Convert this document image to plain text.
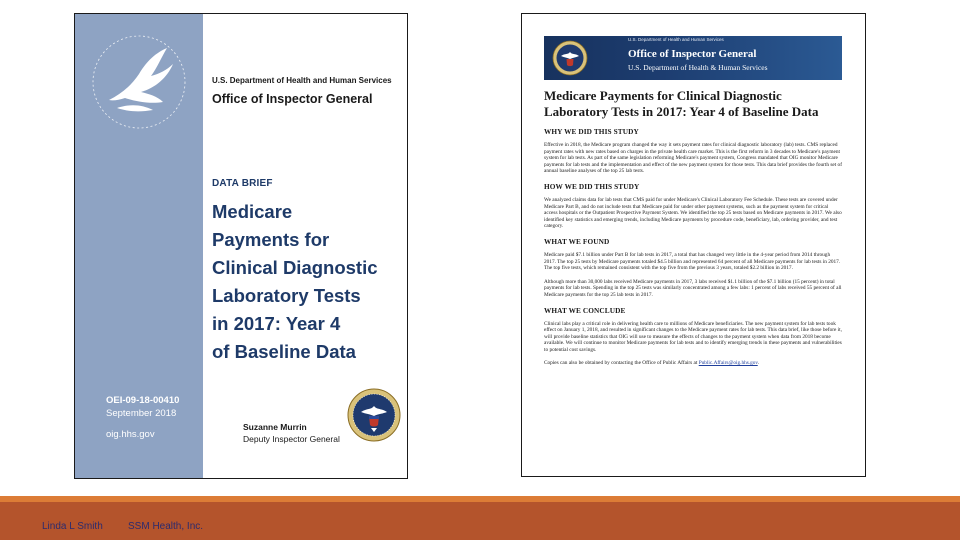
OEI-09-18-00410
September 2018
oig.hhs.gov
U.S. Department of Health and Human Services
Office of Inspector General
DATA BRIEF
Medicare
Payments for
Clinical Diagnostic
Laboratory Tests
in 2017: Year 4
of Baseline Data
Suzanne Murrin
Deputy Inspector General
U.S. Department of Health and Human Services
Office of Inspector General
U.S. Department of Health & Human Services
Medicare Payments for Clinical Diagnostic
Laboratory Tests in 2017: Year 4 of Baseline Data
WHY WE DID THIS STUDY

Effective in 2018, the Medicare program changed the way it sets payment rates for clinical diagnostic laboratory (lab) tests. CMS replaced payment rates with new rates based on charges in the private health care market. This is the first reform in 3 decades to Medicare's payment system for lab tests. As part of the same legislation reforming Medicare's payment system, Congress mandated that OIG monitor Medicare payments for lab tests and the implementation and effect of the new payment system for those tests. This data brief provides the fourth set of annual baseline analyses of the top 25 lab tests.

HOW WE DID THIS STUDY

We analyzed claims data for lab tests that CMS paid for under Medicare's Clinical Laboratory Fee Schedule. These tests are covered under Medicare Part B, and do not include tests that Medicare paid for under other payment systems, such as the payment system for critical access hospitals or the Outpatient Prospective Payment System. We identified the top 25 tests based on Medicare payments in 2017. We also identified key statistics and emerging trends, including Medicare payments by procedure code, beneficiary, lab, ordering provider, and test category.

WHAT WE FOUND

Medicare paid $7.1 billion under Part B for lab tests in 2017, a total that has changed very little in the 4-year period from 2014 through 2017. The top 25 tests by Medicare payments totaled $4.5 billion and represented 64 percent of all Medicare payments for lab tests in 2017. The top five tests, which remained consistent with the top five from the previous 3 years, totaled $2.2 billion in 2017.

Although more than 30,000 labs received Medicare payments in 2017, 3 labs received $1.1 billion of the $7.1 billion (15 percent) in total payments for lab tests. Spending in the top 25 tests was similarly concentrated among a few labs: 1 percent of labs received 55 percent of all Medicare payments for the top 25 lab tests in 2017.

WHAT WE CONCLUDE

Clinical labs play a critical role in delivering health care to millions of Medicare beneficiaries. The new payment system for lab tests took effect on January 1, 2018, and resulted in significant changes to the Medicare payment rates for lab tests. This data brief, like those before it, will provide baseline statistics that OIG will use to measure the effects of changes to the payment system when data from 2018 become available. We will continue to monitor Medicare payments for lab tests and to identify emerging trends in these payments and vulnerabilities to potential cost savings.

Copies can also be obtained by contacting the Office of Public Affairs at Public.Affairs@oig.hhs.gov.

Linda L Smith	SSM Health, Inc.
